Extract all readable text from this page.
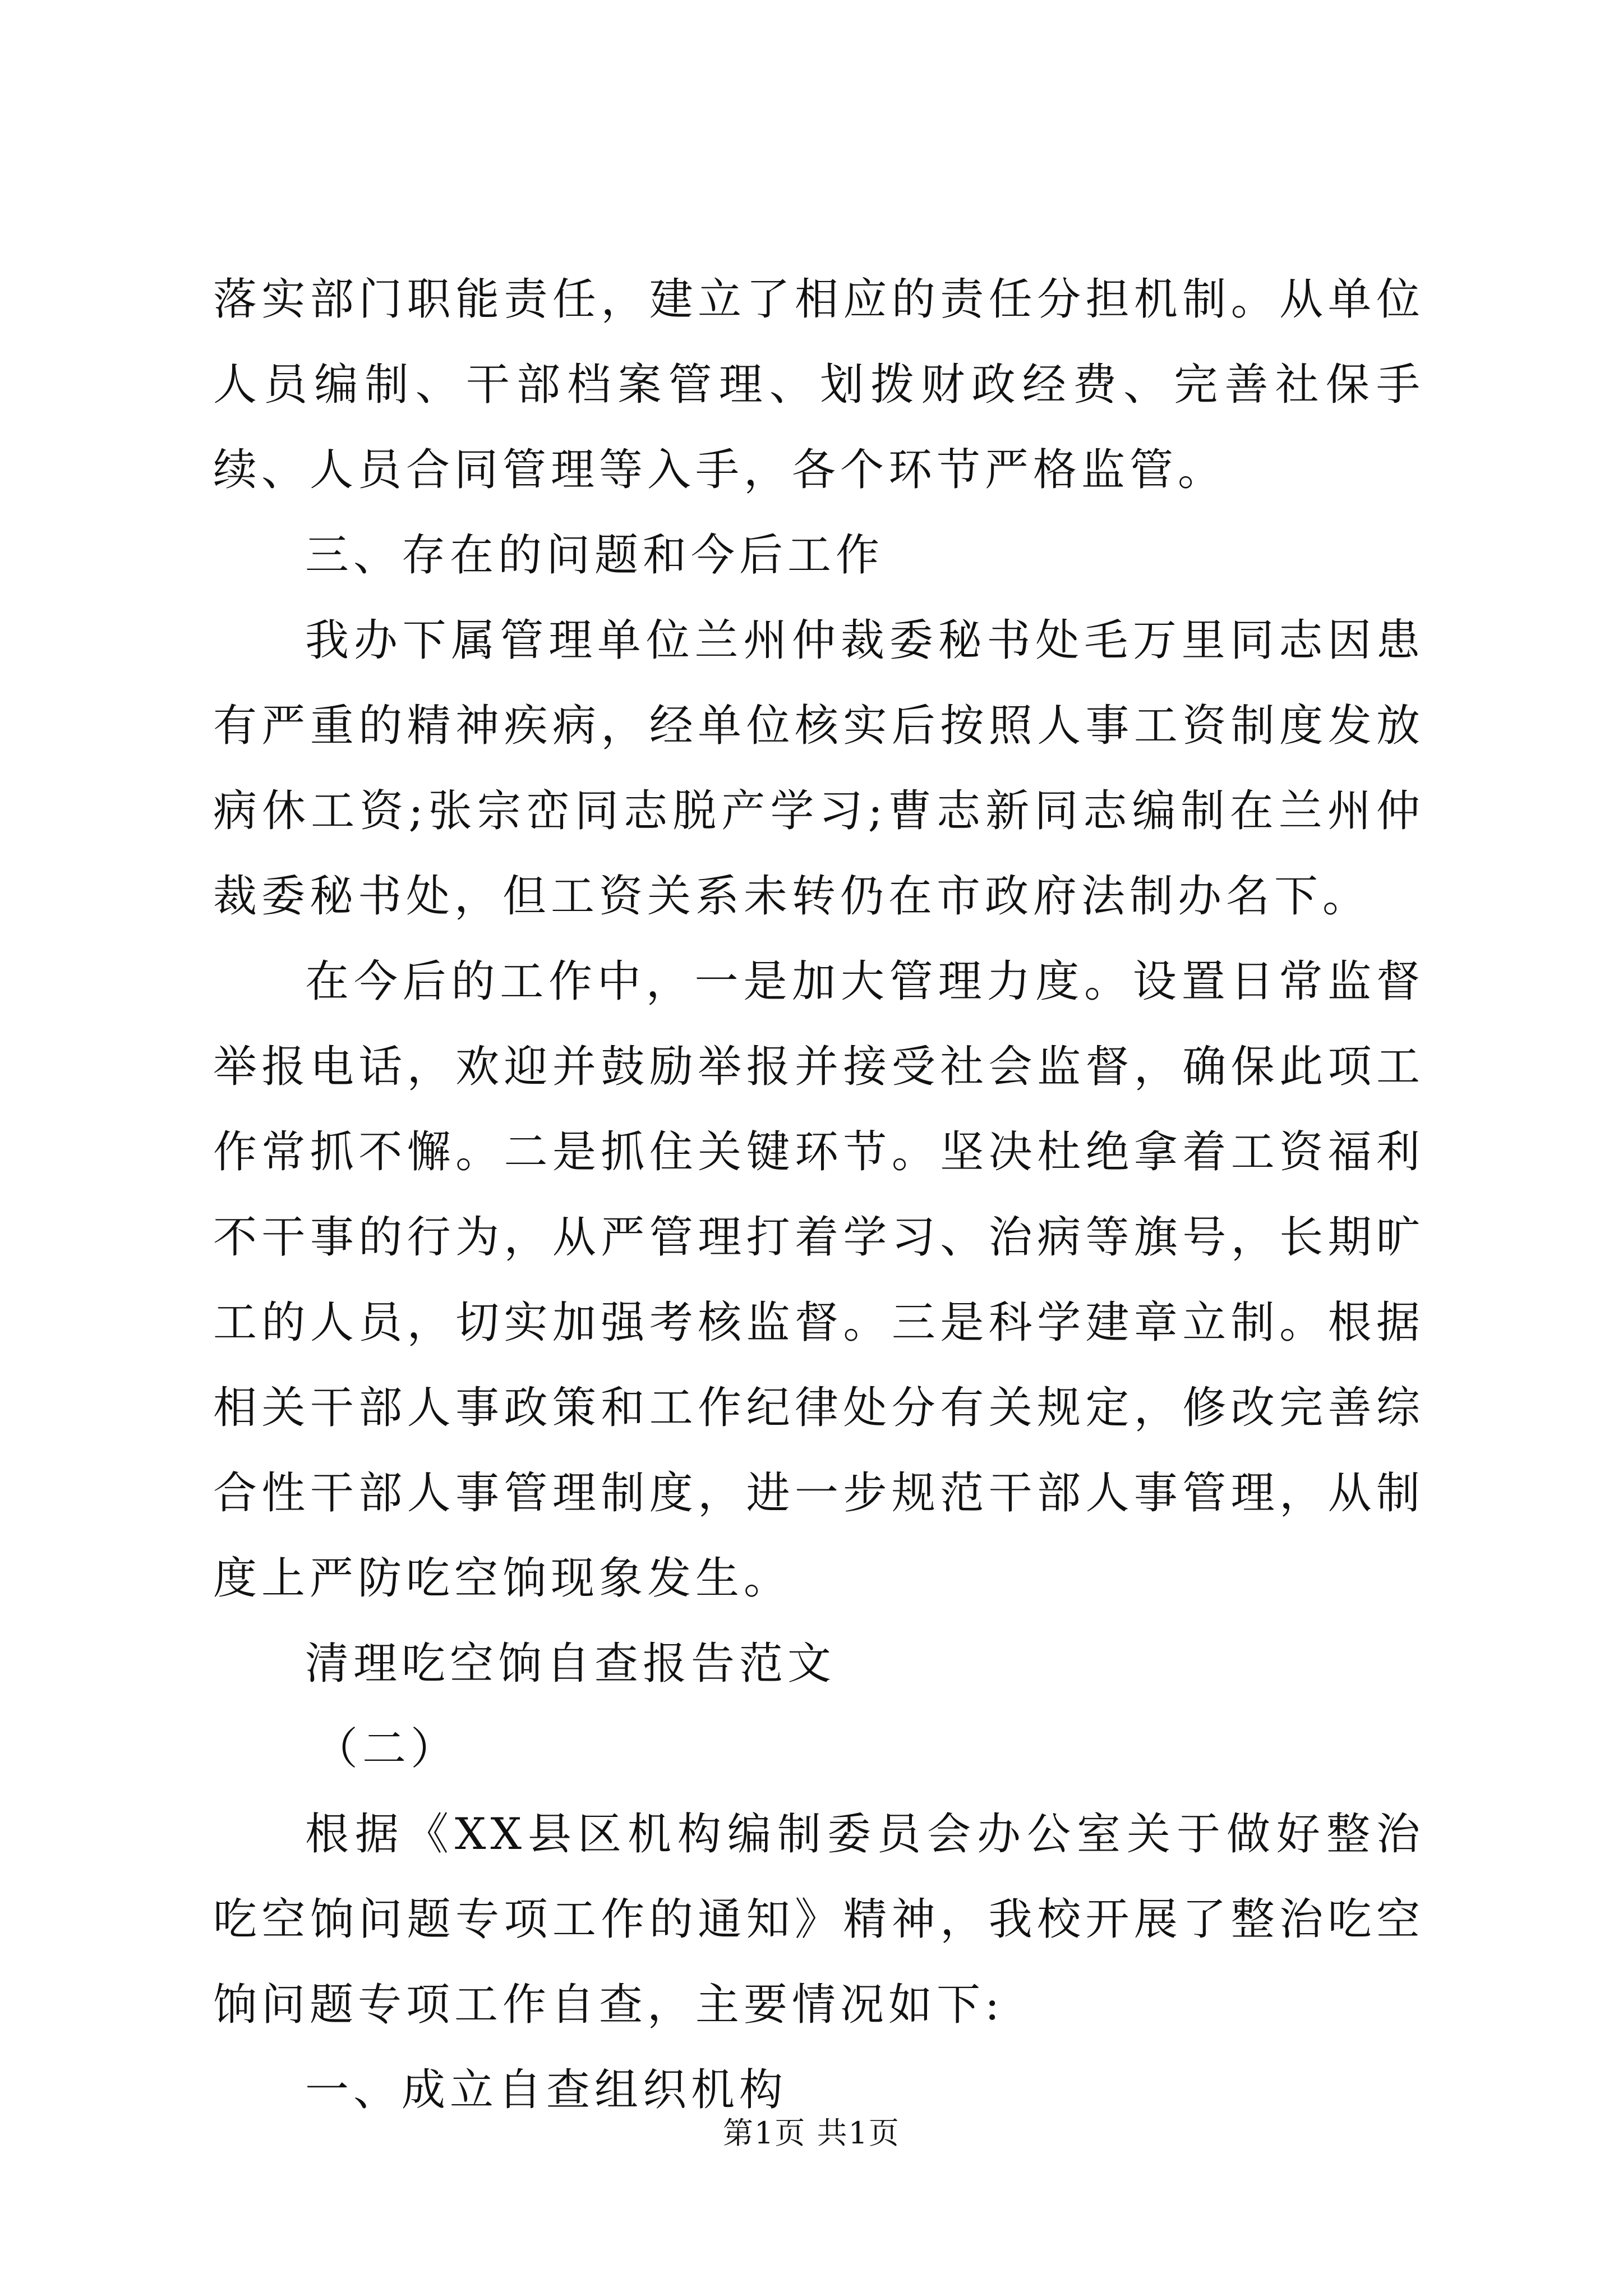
落实部门职能责任，建立了相应的责任分担机制。从单位人员编制、干部档案管理、划拨财政经费、完善社保手续、人员合同管理等入手，各个环节严格监管。

三、存在的问题和今后工作

我办下属管理单位兰州仲裁委秘书处毛万里同志因患有严重的精神疾病，经单位核实后按照人事工资制度发放病休工资;张宗峦同志脱产学习;曹志新同志编制在兰州仲裁委秘书处，但工资关系未转仍在市政府法制办名下。

在今后的工作中，一是加大管理力度。设置日常监督举报电话，欢迎并鼓励举报并接受社会监督，确保此项工作常抓不懈。二是抓住关键环节。坚决杜绝拿着工资福利不干事的行为，从严管理打着学习、治病等旗号，长期旷工的人员，切实加强考核监督。三是科学建章立制。根据相关干部人事政策和工作纪律处分有关规定，修改完善综合性干部人事管理制度，进一步规范干部人事管理，从制度上严防吃空饷现象发生。

清理吃空饷自查报告范文

（二）

根据《XX县区机构编制委员会办公室关于做好整治吃空饷问题专项工作的通知》精神，我校开展了整治吃空饷问题专项工作自查，主要情况如下:

一、成立自查组织机构

第1页 共1页
